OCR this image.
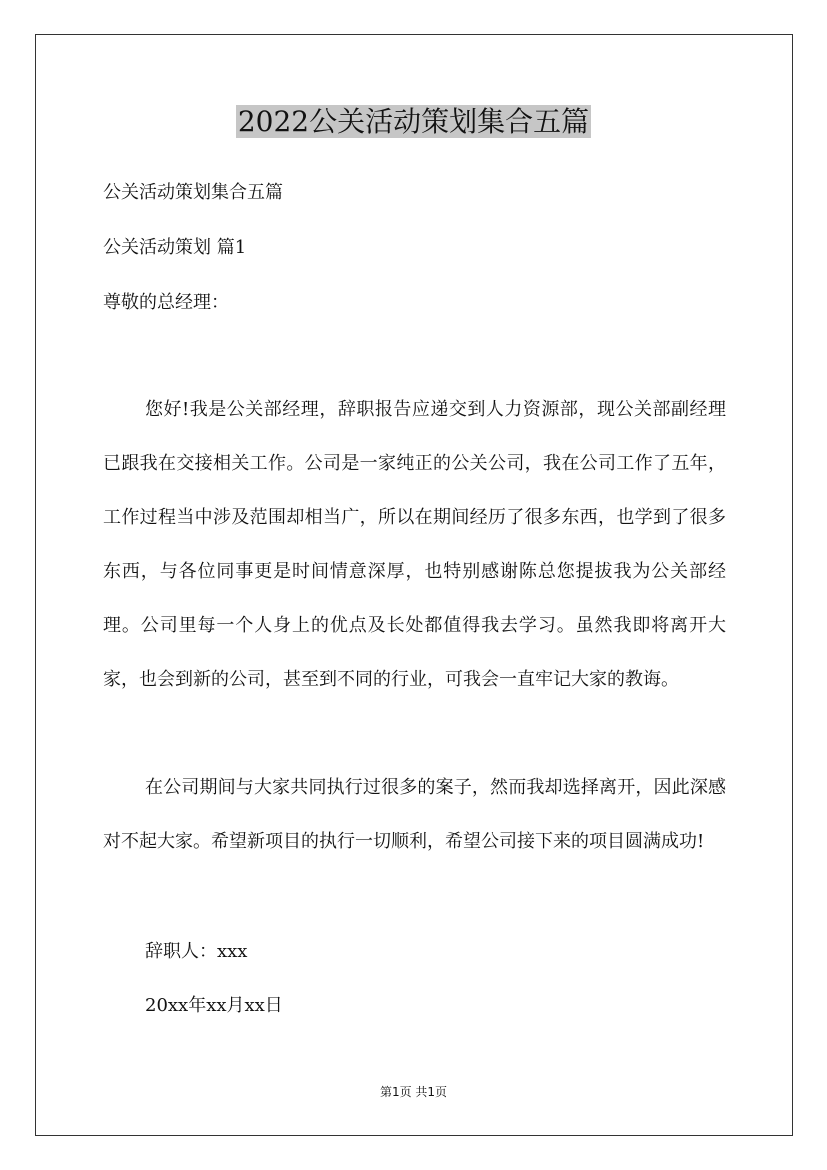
2022公关活动策划集合五篇
公关活动策划集合五篇
公关活动策划 篇1
尊敬的总经理：

您好!我是公关部经理，辞职报告应递交到人力资源部，现公关部副经理已跟我在交接相关工作。公司是一家纯正的公关公司，我在公司工作了五年，工作过程当中涉及范围却相当广，所以在期间经历了很多东西，也学到了很多东西，与各位同事更是时间情意深厚，也特别感谢陈总您提拔我为公关部经理。公司里每一个人身上的优点及长处都值得我去学习。虽然我即将离开大家，也会到新的公司，甚至到不同的行业，可我会一直牢记大家的教诲。

在公司期间与大家共同执行过很多的案子，然而我却选择离开，因此深感对不起大家。希望新项目的执行一切顺利，希望公司接下来的项目圆满成功!

辞职人：xxx
20xx年xx月xx日
第1页 共1页
